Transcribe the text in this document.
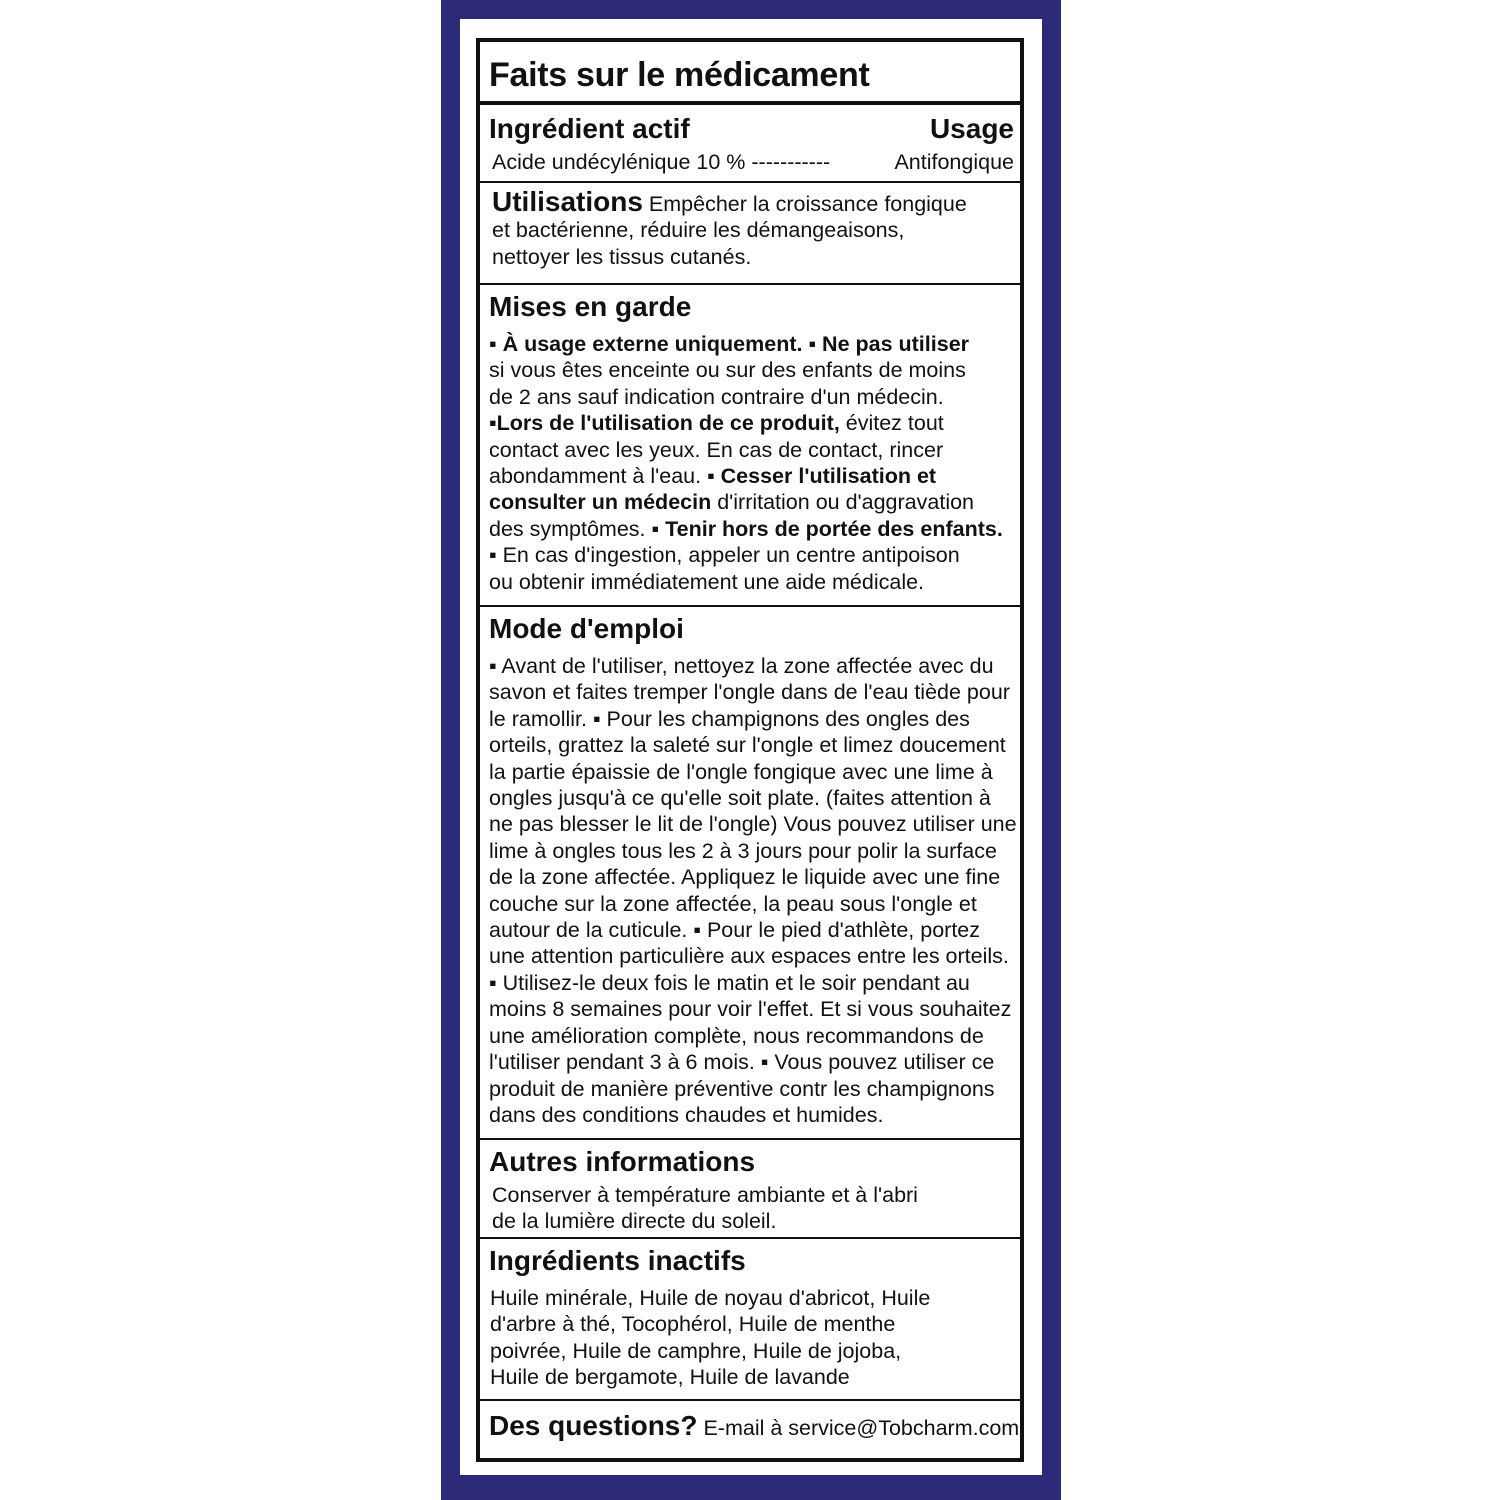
Faits sur le médicament
Ingrédient actif	Usage
Acide undécylénique 10 % -----------	Antifongique
Utilisations Empêcher la croissance fongique
et bactérienne, réduire les démangeaisons,
nettoyer les tissus cutanés.
Mises en garde
▪ À usage externe uniquement. ▪ Ne pas utiliser
si vous êtes enceinte ou sur des enfants de moins
de 2 ans sauf indication contraire d'un médecin.
▪Lors de l'utilisation de ce produit, évitez tout
contact avec les yeux. En cas de contact, rincer
abondamment à l'eau. ▪ Cesser l'utilisation et
consulter un médecin d'irritation ou d'aggravation
des symptômes. ▪ Tenir hors de portée des enfants.
▪ En cas d'ingestion, appeler un centre antipoison
ou obtenir immédiatement une aide médicale.
Mode d'emploi
▪ Avant de l'utiliser, nettoyez la zone affectée avec du
savon et faites tremper l'ongle dans de l'eau tiède pour
le ramollir. ▪ Pour les champignons des ongles des
orteils, grattez la saleté sur l'ongle et limez doucement
la partie épaissie de l'ongle fongique avec une lime à
ongles jusqu'à ce qu'elle soit plate. (faites attention à
ne pas blesser le lit de l'ongle) Vous pouvez utiliser une
lime à ongles tous les 2 à 3 jours pour polir la surface
de la zone affectée. Appliquez le liquide avec une fine
couche sur la zone affectée, la peau sous l'ongle et
autour de la cuticule. ▪ Pour le pied d'athlète, portez
une attention particulière aux espaces entre les orteils.
▪ Utilisez-le deux fois le matin et le soir pendant au
moins 8 semaines pour voir l'effet. Et si vous souhaitez
une amélioration complète, nous recommandons de
l'utiliser pendant 3 à 6 mois. ▪ Vous pouvez utiliser ce
produit de manière préventive contr les champignons
dans des conditions chaudes et humides.
Autres informations
Conserver à température ambiante et à l'abri
de la lumière directe du soleil.
Ingrédients inactifs
Huile minérale, Huile de noyau d'abricot, Huile
d'arbre à thé, Tocophérol, Huile de menthe
poivrée, Huile de camphre, Huile de jojoba,
Huile de bergamote, Huile de lavande
Des questions? E-mail à service@Tobcharm.com
